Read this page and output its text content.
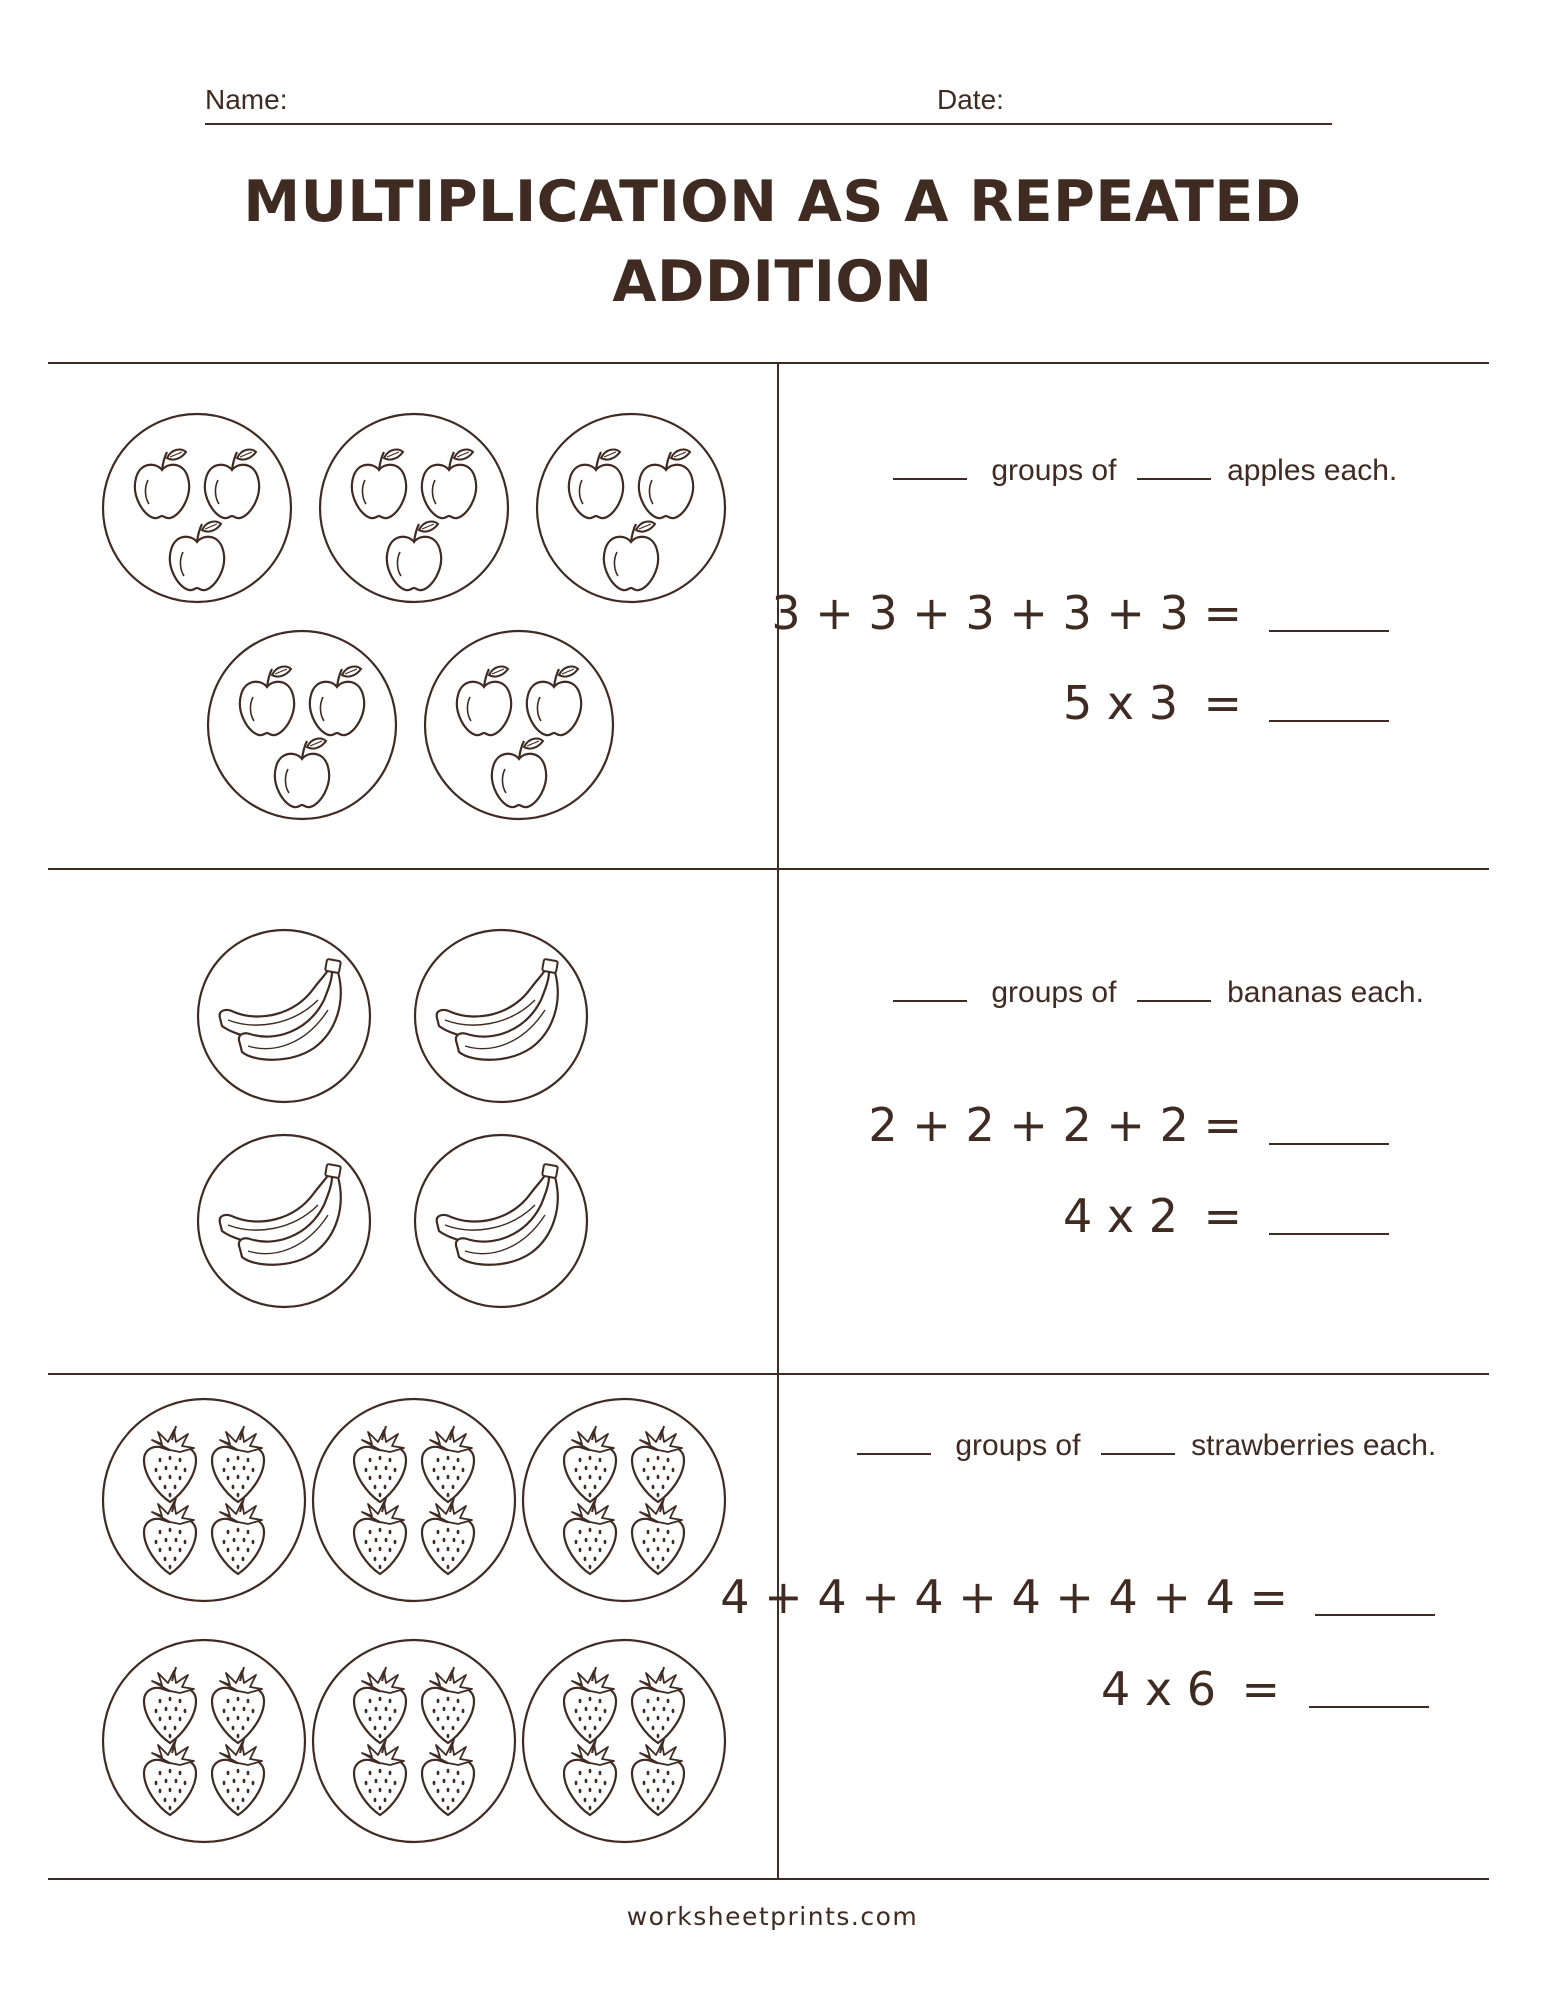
Name:	Date:
MULTIPLICATION AS A REPEATED
ADDITION
groups of	apples each.
3 + 3 + 3 + 3 + 3 =
5 x 3 =
groups of	bananas each.
2 + 2 + 2 + 2 =
4 x 2 =
groups of	strawberries each.
4 + 4 + 4 + 4 + 4 + 4 =
4 x 6 =
worksheetprints.com
